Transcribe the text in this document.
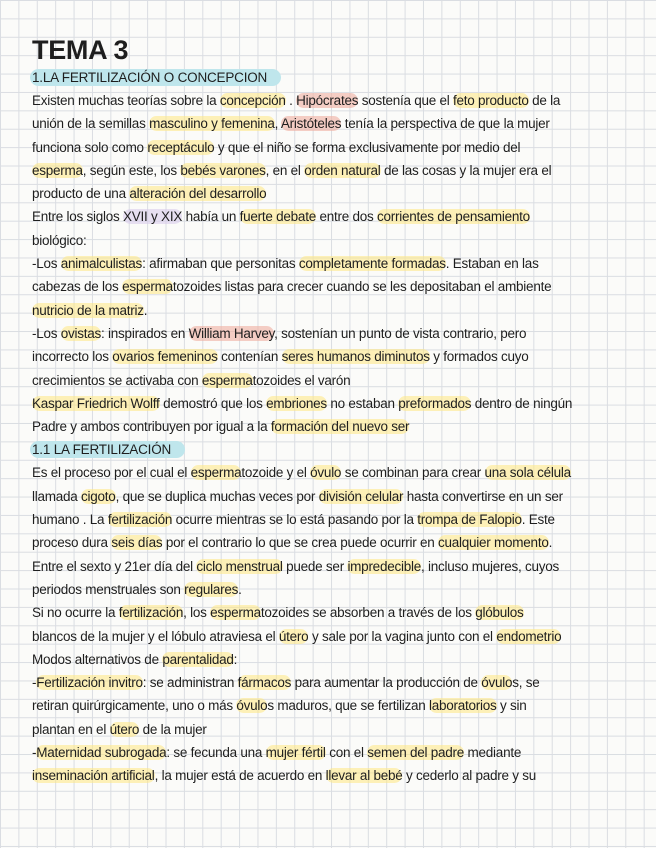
TEMA 3
1.LA FERTILIZACIÓN O CONCEPCION
Existen muchas teorías sobre la concepción . Hipócrates sostenía que el feto producto de la
unión de la semillas masculino y femenina, Aristóteles tenía la perspectiva de que la mujer
funciona solo como receptáculo y que el niño se forma exclusivamente por medio del
esperma, según este, los bebés varones, en el orden natural de las cosas y la mujer era el
producto de una alteración del desarrollo
Entre los siglos XVII y XIX había un fuerte debate entre dos corrientes de pensamiento
biológico:
-Los animalculistas: afirmaban que personitas completamente formadas. Estaban en las
cabezas de los espermatozoides listas para crecer cuando se les depositaban el ambiente
nutricio de la matriz.
-Los ovistas: inspirados en William Harvey, sostenían un punto de vista contrario, pero
incorrecto los ovarios femeninos contenían seres humanos diminutos y formados cuyo
crecimientos se activaba con espermatozoides el varón
Kaspar Friedrich Wolff demostró que los embriones no estaban preformados dentro de ningún
Padre y ambos contribuyen por igual a la formación del nuevo ser
1.1 LA FERTILIZACIÓN
Es el proceso por el cual el espermatozoide y el óvulo se combinan para crear una sola célula
llamada cigoto, que se duplica muchas veces por división celular hasta convertirse en un ser
humano . La fertilización ocurre mientras se lo está pasando por la trompa de Falopio. Este
proceso dura seis días por el contrario lo que se crea puede ocurrir en cualquier momento.
Entre el sexto y 21er día del ciclo menstrual puede ser impredecible, incluso mujeres, cuyos
periodos menstruales son regulares.
Si no ocurre la fertilización, los espermatozoides se absorben a través de los glóbulos
blancos de la mujer y el lóbulo atraviesa el útero y sale por la vagina junto con el endometrio
Modos alternativos de parentalidad:
-Fertilización invitro: se administran fármacos para aumentar la producción de óvulos, se
retiran quirúrgicamente, uno o más óvulos maduros, que se fertilizan laboratorios y sin
plantan en el útero de la mujer
-Maternidad subrogada: se fecunda una mujer fértil con el semen del padre mediante
inseminación artificial, la mujer está de acuerdo en llevar al bebé y cederlo al padre y su
